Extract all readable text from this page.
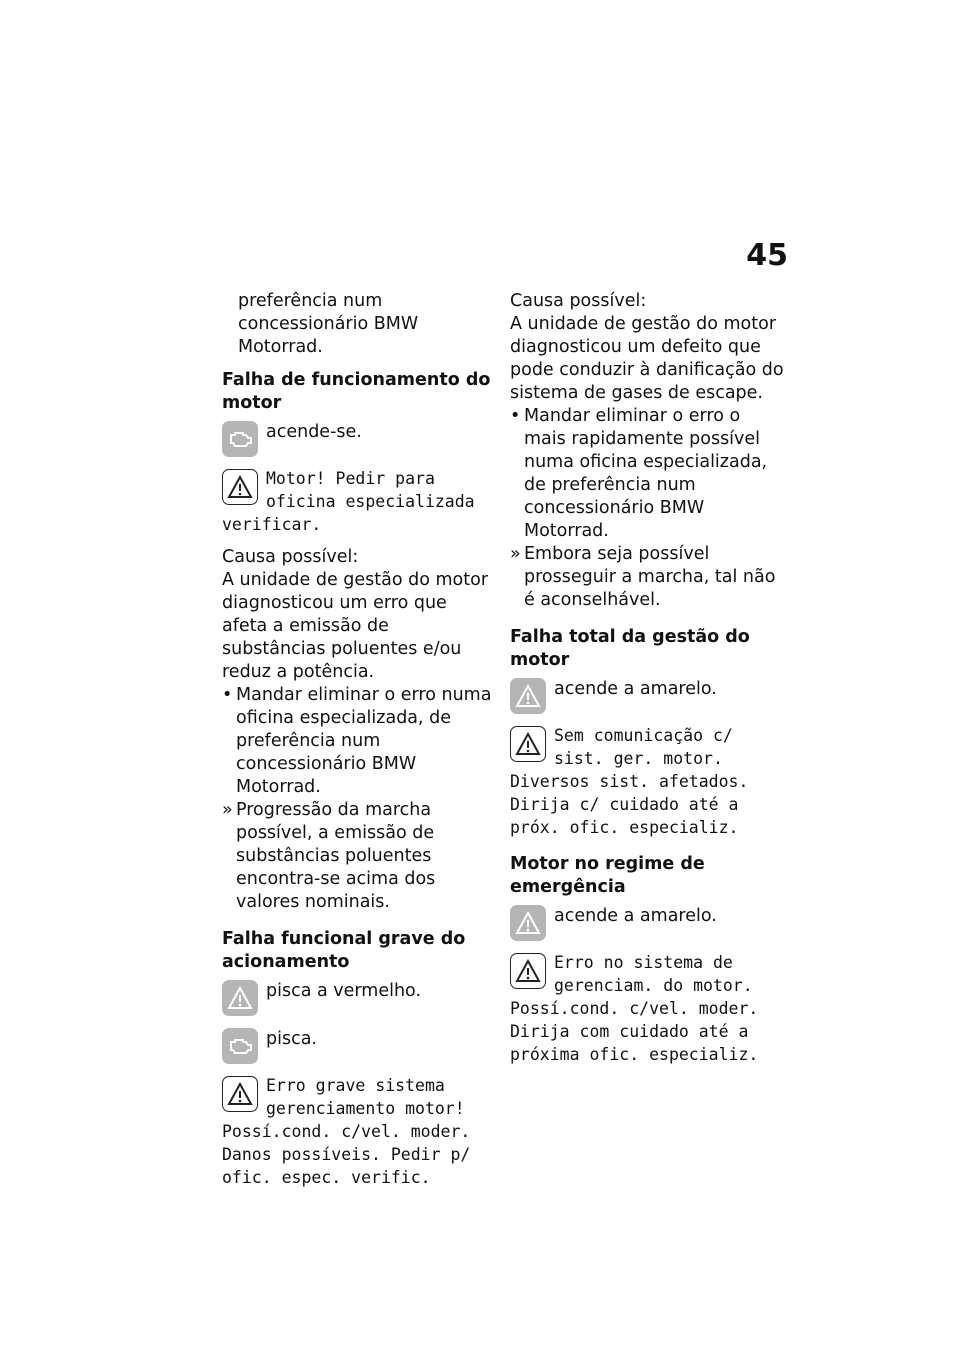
45

preferência num concessionário BMW Motorrad.

Falha de funcionamento do motor

acende-se.
Motor! Pedir para oficina especializada verificar.

Causa possível:

A unidade de gestão do motor diagnosticou um erro que afeta a emissão de substâncias poluentes e/ou reduz a potência.

• Mandar eliminar o erro numa oficina especializada, de preferência num concessionário BMW Motorrad.
» Progressão da marcha possível, a emissão de substâncias poluentes encontra-se acima dos valores nominais.

Falha funcional grave do acionamento

pisca a vermelho.
pisca.
Erro grave sistema gerenciamento motor! Possí.cond. c/vel. moder. Danos possíveis. Pedir p/ ofic. espec. verific.

Causa possível:

A unidade de gestão do motor diagnosticou um defeito que pode conduzir à danificação do sistema de gases de escape.

• Mandar eliminar o erro o mais rapidamente possível numa oficina especializada, de preferência num concessionário BMW Motorrad.
» Embora seja possível prosseguir a marcha, tal não é aconselhável.

Falha total da gestão do motor

acende a amarelo.
Sem comunicação c/ sist. ger. motor. Diversos sist. afetados. Dirija c/ cuidado até a próx. ofic. especializ.

Motor no regime de emergência

acende a amarelo.
Erro no sistema de gerenciam. do motor. Possí.cond. c/vel. moder. Dirija com cuidado até a próxima ofic. especializ.
